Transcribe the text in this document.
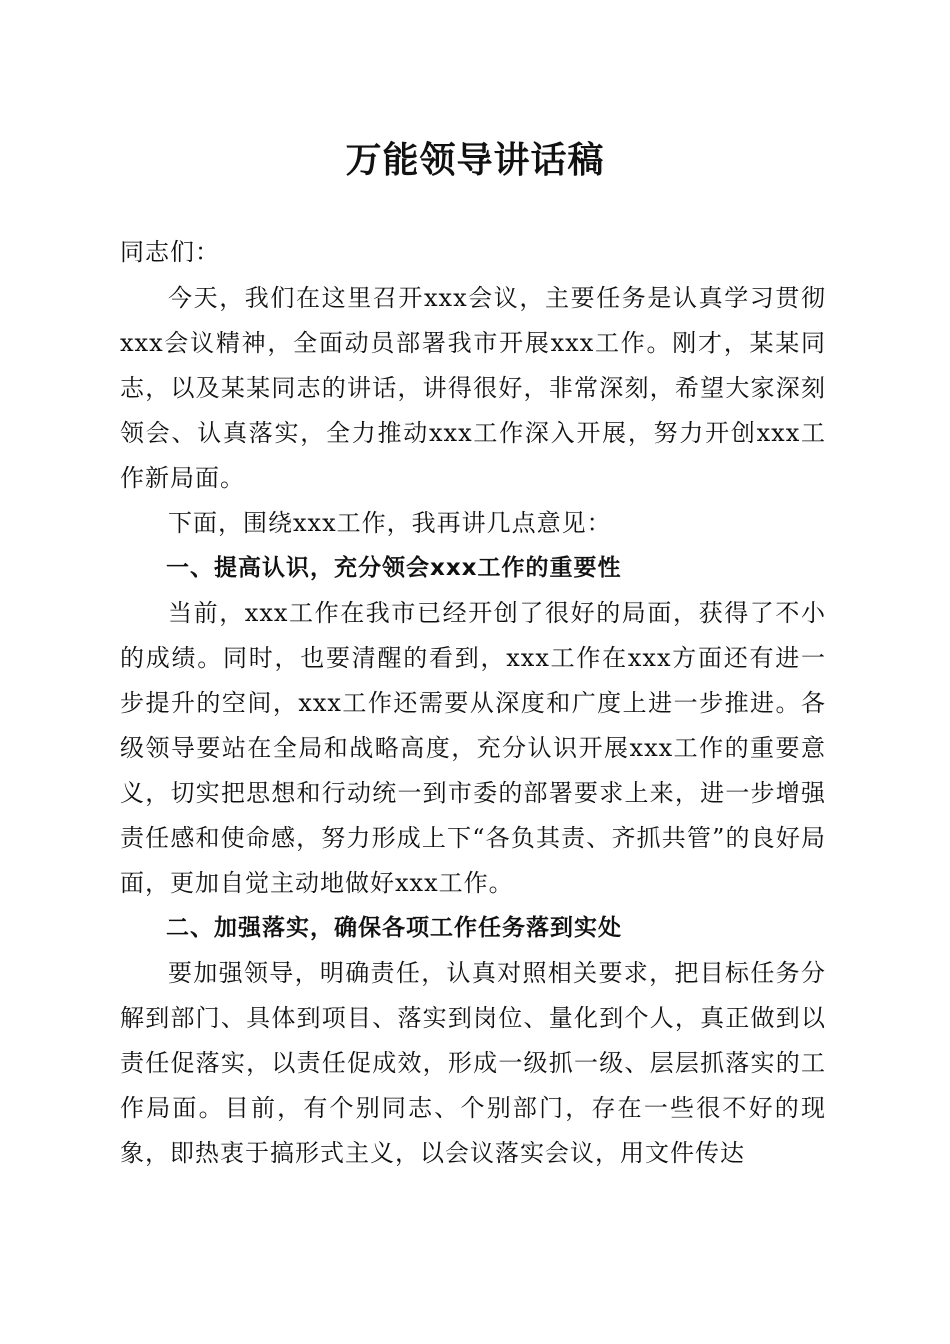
万能领导讲话稿

同志们：

今天，我们在这里召开xxx会议，主要任务是认真学习贯彻xxx会议精神，全面动员部署我市开展xxx工作。刚才，某某同志，以及某某同志的讲话，讲得很好，非常深刻，希望大家深刻领会、认真落实，全力推动xxx工作深入开展，努力开创xxx工作新局面。

下面，围绕xxx工作，我再讲几点意见：

一、提高认识，充分领会xxx工作的重要性

当前，xxx工作在我市已经开创了很好的局面，获得了不小的成绩。同时，也要清醒的看到，xxx工作在xxx方面还有进一步提升的空间，xxx工作还需要从深度和广度上进一步推进。各级领导要站在全局和战略高度，充分认识开展xxx工作的重要意义，切实把思想和行动统一到市委的部署要求上来，进一步增强责任感和使命感，努力形成上下“各负其责、齐抓共管”的良好局面，更加自觉主动地做好xxx工作。

二、加强落实，确保各项工作任务落到实处

要加强领导，明确责任，认真对照相关要求，把目标任务分解到部门、具体到项目、落实到岗位、量化到个人，真正做到以责任促落实，以责任促成效，形成一级抓一级、层层抓落实的工作局面。目前，有个别同志、个别部门，存在一些很不好的现象，即热衷于搞形式主义，以会议落实会议，用文件传达
